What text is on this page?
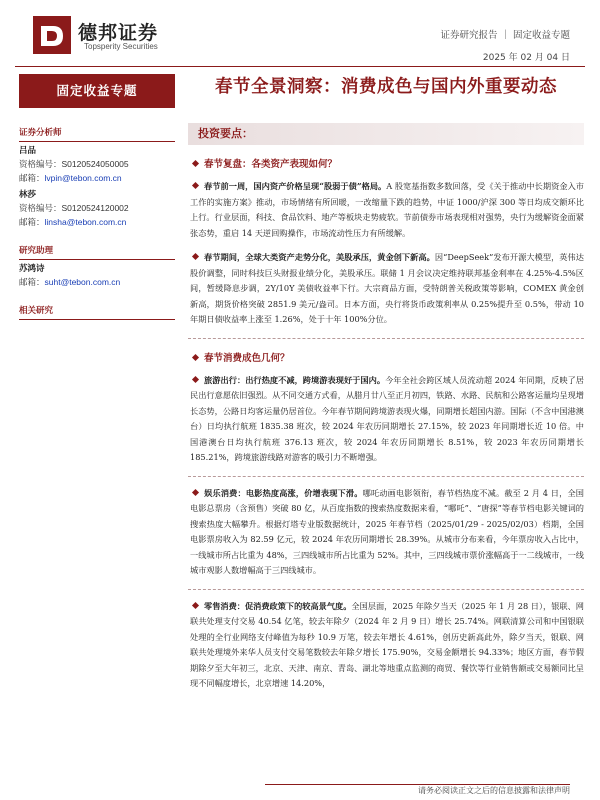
德邦证券
Topsperity Securities
证券研究报告 ｜ 固定收益专题
2025 年 02 月 04 日
固定收益专题
证券分析师
吕品
资格编号：S0120524050005
邮箱：lvpin@tebon.com.cn
林莎
资格编号：S0120524120002
邮箱：linsha@tebon.com.cn
研究助理
苏鸿诗
邮箱：suht@tebon.com.cn
相关研究
春节全景洞察：消费成色与国内外重要动态
投资要点：
春节复盘：各类资产表现如何？
春节前一周，国内资产价格呈现“股弱于债”格局。A 股宽基指数多数回落，受《关于推动中长期资金入市工作的实施方案》推动，市场情绪有所回暖，一改缩量下跌的趋势，中证 1000/沪深 300 等日均成交额环比上行。行业层面，科技、食品饮料、地产等板块走势疲软。节前债券市场表现相对强势，央行为缓解资金面紧张态势，重启 14 天逆回购操作，市场流动性压力有所缓解。
春节期间，全球大类资产走势分化，美股承压，黄金创下新高。因“DeepSeek”发布开源大模型，英伟达股价调整，同时科技巨头财报业绩分化，美股承压。联储 1 月会议决定维持联邦基金利率在 4.25%-4.5%区间，暂缓降息步调，2Y/10Y 美债收益率下行。大宗商品方面，受特朗普关税政策等影响，COMEX 黄金创新高，期货价格突破 2851.9 美元/盎司。日本方面，央行将货币政策利率从 0.25%提升至 0.5%，带动 10 年期日债收益率上涨至 1.26%，处于十年 100%分位。
春节消费成色几何？
旅游出行：出行热度不减，跨境游表现好于国内。今年全社会跨区域人员流动超 2024 年同期，反映了居民出行意愿依旧强烈。从不同交通方式看，从腊月廿八至正月初四，铁路、水路、民航和公路客运量均呈现增长态势，公路日均客运量仍居首位。今年春节期间跨境游表现火爆，同期增长超国内游。国际（不含中国港澳台）日均执行航班 1835.38 班次，较 2024 年农历同期增长 27.15%，较 2023 年同期增长近 10 倍。中国港澳台日均执行航班 376.13 班次，较 2024 年农历同期增长 8.51%，较 2023 年农历同期增长 185.21%，跨境旅游线路对游客的吸引力不断增强。
娱乐消费：电影热度高涨，价增表现下滑。哪吒动画电影领衔，春节档热度不减。截至 2 月 4 日，全国电影总票房（含预售）突破 80 亿，从百度指数的搜索热度数据来看，“哪吒”、“唐探”等春节档电影关键词的搜索热度大幅攀升。根据灯塔专业版数据统计，2025 年春节档（2025/01/29 - 2025/02/03）档期，全国电影票房收入为 82.59 亿元，较 2024 年农历同期增长 28.39%。从城市分布来看，今年票房收入占比中，一线城市所占比重为 48%，三四线城市所占比重为 52%。其中，三四线城市票价涨幅高于一二线城市，一线城市观影人数增幅高于三四线城市。
零售消费：促消费政策下的较高景气度。全国层面，2025 年除夕当天（2025 年 1 月 28 日），银联、网联共处理支付交易 40.54 亿笔，较去年除夕（2024 年 2 月 9 日）增长 25.74%。网联清算公司和中国银联处理的全行业网络支付峰值为每秒 10.9 万笔，较去年增长 4.61%，创历史新高此外，除夕当天，银联、网联共处理境外来华人员支付交易笔数较去年除夕增长 175.90%，交易金额增长 94.33%；地区方面，春节假期除夕至大年初三，北京、天津、南京、青岛、湖北等地重点监测的商贸、餐饮等行业销售额或交易额同比呈现不同幅度增长，北京增速 14.20%，
请务必阅读正文之后的信息披露和法律声明
